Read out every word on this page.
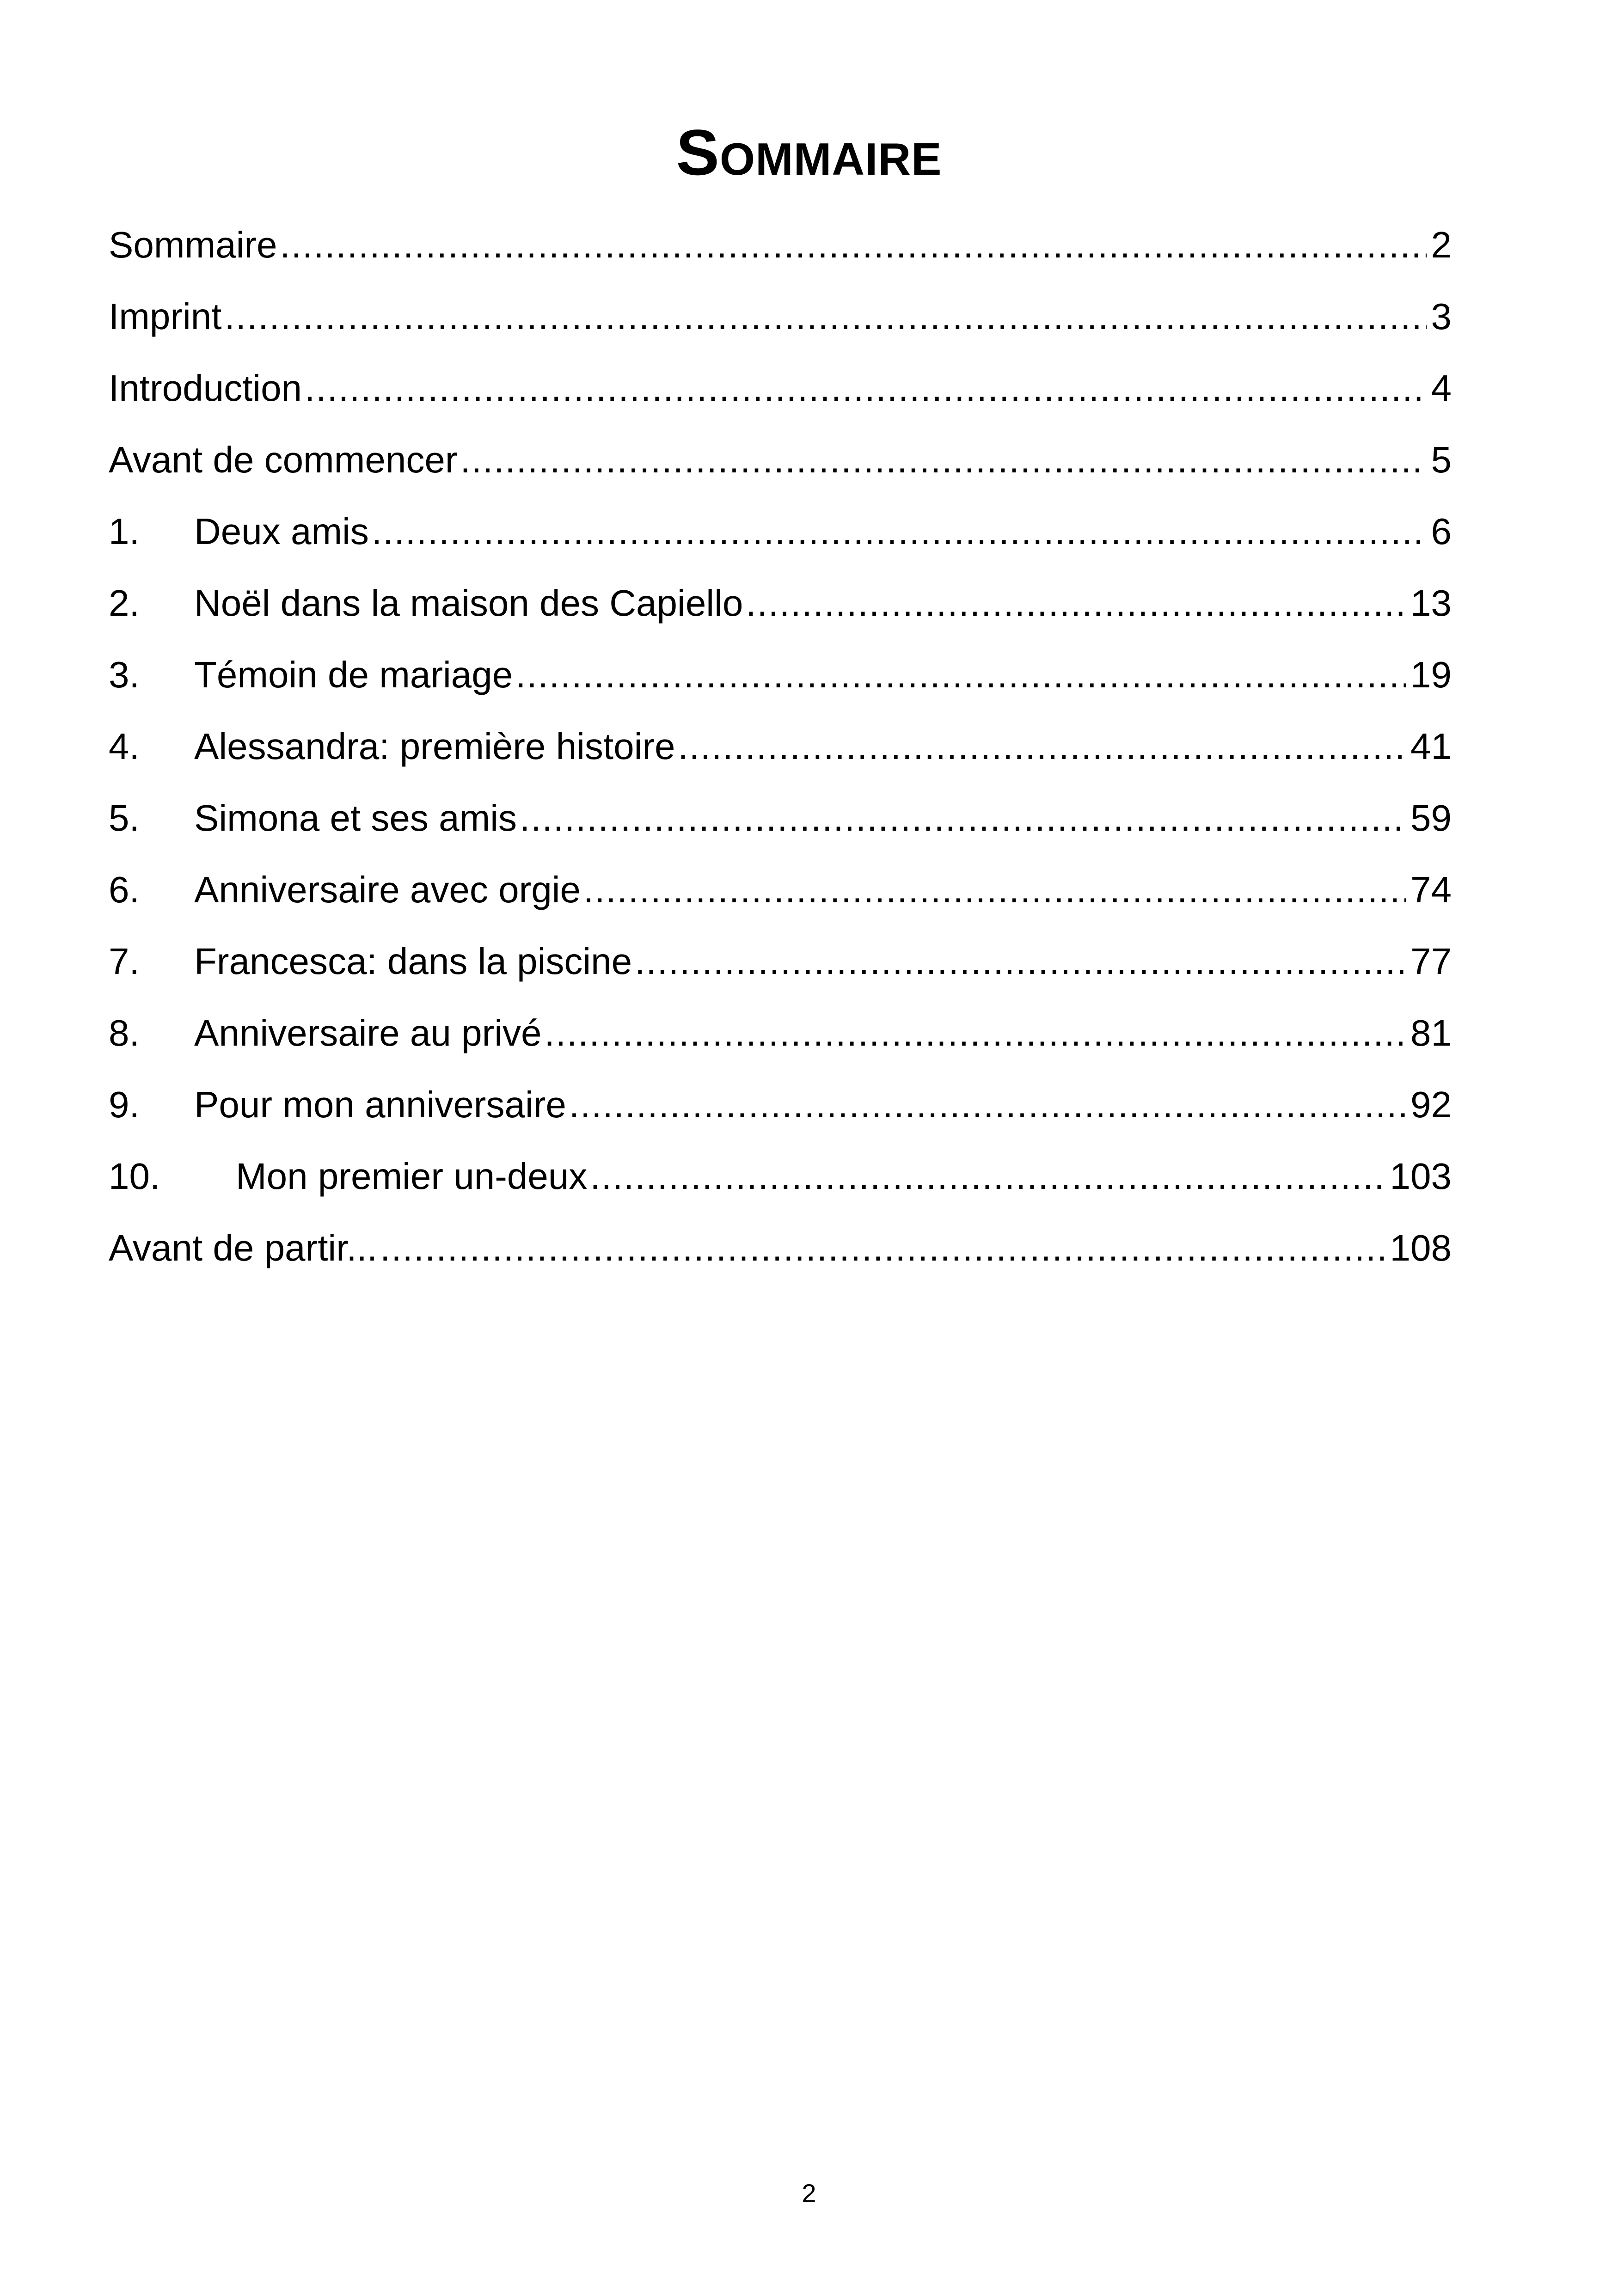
Sommaire
Sommaire .....	2
Imprint .....	3
Introduction .....	4
Avant de commencer .....	5
1.	Deux amis .....	6
2.	Noël dans la maison des Capiello .....	13
3.	Témoin de mariage .....	19
4.	Alessandra: première histoire .....	41
5.	Simona et ses amis .....	59
6.	Anniversaire avec orgie .....	74
7.	Francesca: dans la piscine .....	77
8.	Anniversaire au privé .....	81
9.	Pour mon anniversaire .....	92
10.	Mon premier un-deux .....	103
Avant de partir... .....	108
2
